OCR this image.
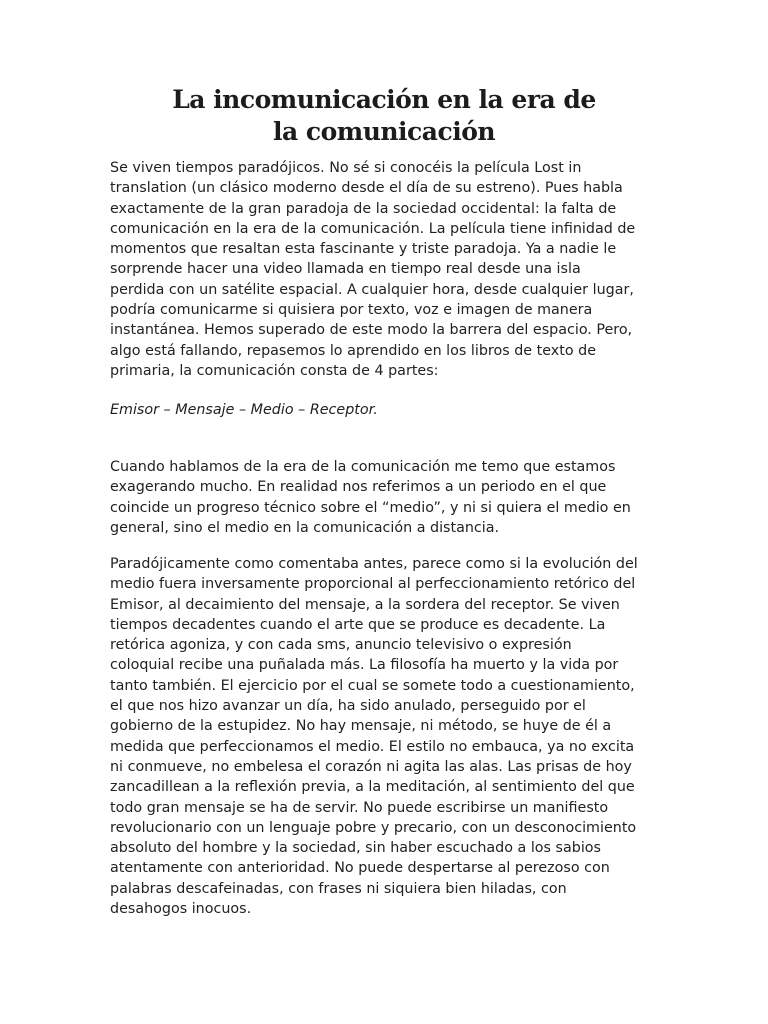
La incomunicación en la era de
la comunicación

Se viven tiempos paradójicos. No sé si conocéis la película Lost in
translation (un clásico moderno desde el día de su estreno). Pues habla
exactamente de la gran paradoja de la sociedad occidental: la falta de
comunicación en la era de la comunicación. La película tiene infinidad de
momentos que resaltan esta fascinante y triste paradoja. Ya a nadie le
sorprende hacer una video llamada en tiempo real desde una isla
perdida con un satélite espacial. A cualquier hora, desde cualquier lugar,
podría comunicarme si quisiera por texto, voz e imagen de manera
instantánea. Hemos superado de este modo la barrera del espacio. Pero,
algo está fallando, repasemos lo aprendido en los libros de texto de
primaria, la comunicación consta de 4 partes:

Emisor – Mensaje – Medio – Receptor.

Cuando hablamos de la era de la comunicación me temo que estamos
exagerando mucho. En realidad nos referimos a un periodo en el que
coincide un progreso técnico sobre el “medio”, y ni si quiera el medio en
general, sino el medio en la comunicación a distancia.

Paradójicamente como comentaba antes, parece como si la evolución del
medio fuera inversamente proporcional al perfeccionamiento retórico del
Emisor, al decaimiento del mensaje, a la sordera del receptor. Se viven
tiempos decadentes cuando el arte que se produce es decadente. La
retórica agoniza, y con cada sms, anuncio televisivo o expresión
coloquial recibe una puñalada más. La filosofía ha muerto y la vida por
tanto también. El ejercicio por el cual se somete todo a cuestionamiento,
el que nos hizo avanzar un día, ha sido anulado, perseguido por el
gobierno de la estupidez. No hay mensaje, ni método, se huye de él a
medida que perfeccionamos el medio. El estilo no embauca, ya no excita
ni conmueve, no embelesa el corazón ni agita las alas. Las prisas de hoy
zancadillean a la reflexión previa, a la meditación, al sentimiento del que
todo gran mensaje se ha de servir. No puede escribirse un manifiesto
revolucionario con un lenguaje pobre y precario, con un desconocimiento
absoluto del hombre y la sociedad, sin haber escuchado a los sabios
atentamente con anterioridad. No puede despertarse al perezoso con
palabras descafeinadas, con frases ni siquiera bien hiladas, con
desahogos inocuos.
